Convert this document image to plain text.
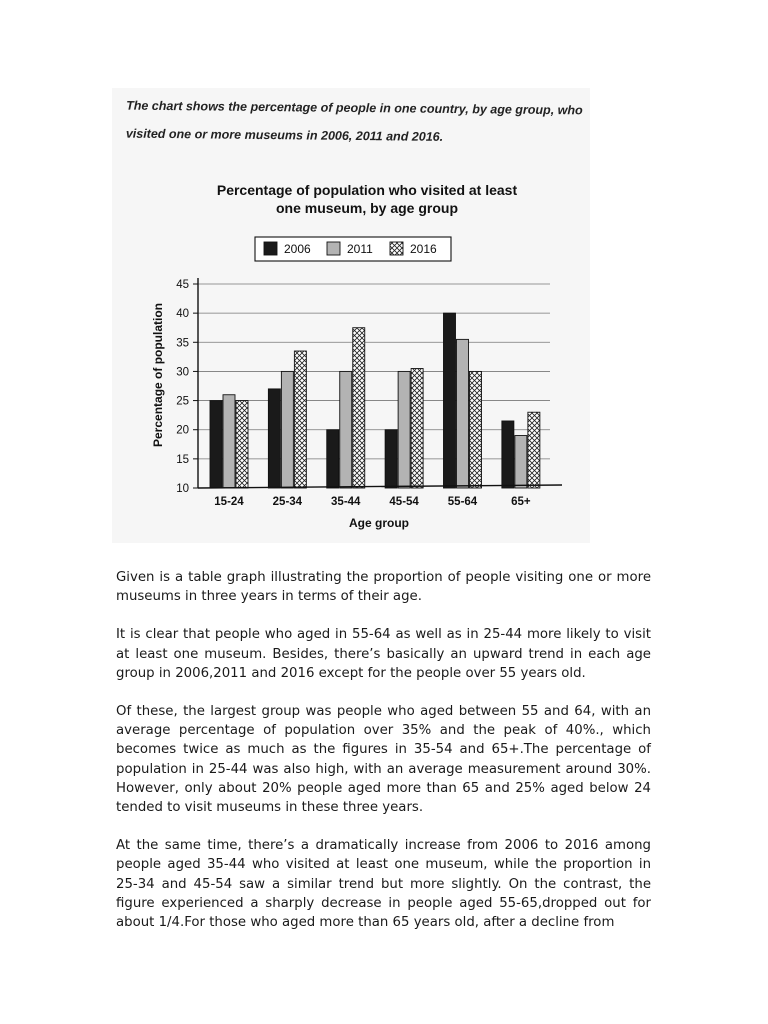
The chart shows the percentage of people in one country, by age group, who
visited one or more museums in 2006, 2011 and 2016.
Percentage of population who visited at least
one museum, by age group
2006	2011	2016
10
15
20
25
30
35
40
45
15-24	25-34	35-44	45-54	55-64	65+
Age group
Percentage of population

Given is a table graph illustrating the proportion of people visiting one or more museums in three years in terms of their age.

It is clear that people who aged in 55-64 as well as in 25-44 more likely to visit at least one museum. Besides, there’s basically an upward trend in each age group in 2006,2011 and 2016 except for the people over 55 years old.

Of these, the largest group was people who aged between 55 and 64, with an average percentage of population over 35% and the peak of 40%., which becomes twice as much as the figures in 35-54 and 65+.The percentage of population in 25-44 was also high, with an average measurement around 30%. However, only about 20% people aged more than 65 and 25% aged below 24 tended to visit museums in these three years.

At the same time, there’s a dramatically increase from 2006 to 2016 among people aged 35-44 who visited at least one museum, while the proportion in 25-34 and 45-54 saw a similar trend but more slightly. On the contrast, the figure experienced a sharply decrease in people aged 55-65,dropped out for about 1/4.For those who aged more than 65 years old, after a decline from
